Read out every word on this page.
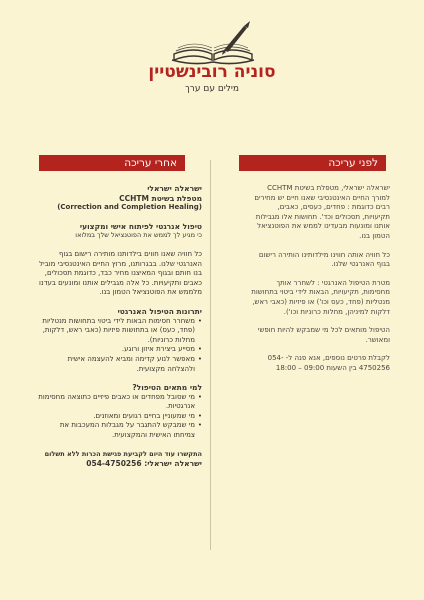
סוניה רובינשטיין
מילים עם ערך
לפני עריכה
אחרי עריכה

ישראלה ישראלי, מטפלת בשיטת CCHTM למורך החיים האינטנסיבי שאנו חיים יש מחירים רבים כדוגמת : פחדים, כעסים, כאבים, תקיעויות, תסכולים וכד'. תחושות אלו מגבילות אותנו ומונעות מבעדינו לממש את הפוטנציאל הטמון בנו.

כל חוויה אותה חווינו מילדותינו הותירה רישום בגוף האנרגטי שלנו.

מטרת הטיפול האנרגטי : לשחרר אותך מחסימות, תקיעויות, הבאות לידי ביטוי בתחושות מנטליות (פחד, כעס וכו') או פיזיות (כאבי ראש, דלקות למיניהן, מחלות כרוניות וכו').

הטיפול מותאים לכל מי שמבקש להיות חופשי ומאושר.

לקבלת פרטים נוספים, אנא פנה ל- 054-4750256 בין השעות 09:00 – 18:00

ישראלה ישראלי
מטפלת בשיטת CCHTM
(Correction and Completion Healing)
טיפול אנרגטי לפיתוח אישי ומקצועי
כי מגיע לך לממש את הפוטנציאל שלך במלואו
כל חוויה שאנו חווים בילדותנו מותירה רישום בגוף האנרגטי שלנו. בבגרותנו, מרוץ החיים האינטנסיבי מוביל בנו חותם ובגוף המאיצנו מחיר כבד, כדוגמת תסכולים, כאבים ותקיעויות. כל אלה מגבילים אותנו ומונעים בעדנו מלממש את הפוטנציאל הטמון בנו.
יתרונות הטיפול האנרגטי
• משחרר חסימות הבאות לידי ביטוי בתחושות מנטליות (פחד, כעס) או בתחושות פיזיות (כאבי ראש, דלקות, מחלות כרוניות).
• מסייע ביצירת איזון ורוגע.
• מאפשר לנוע קדימה ומביא להעצמה אישית ולהצלחה מקצועית.
למי מתאים הטיפול?
• מי שסובל מפחדים או כאבים פיזיים כתוצאה מחסימות אנרגטיות.
• מי שמעוניין בחיים רגועים ומאוזנים.
• מי שמבקש להתגבר על מגבלות המעכבות את צמיחתו האישית והמקצועית.
התקשרו עוד היום לקביעת פגישת הכרות ללא תשלום
ישראלה ישראלי: 054-4750256
